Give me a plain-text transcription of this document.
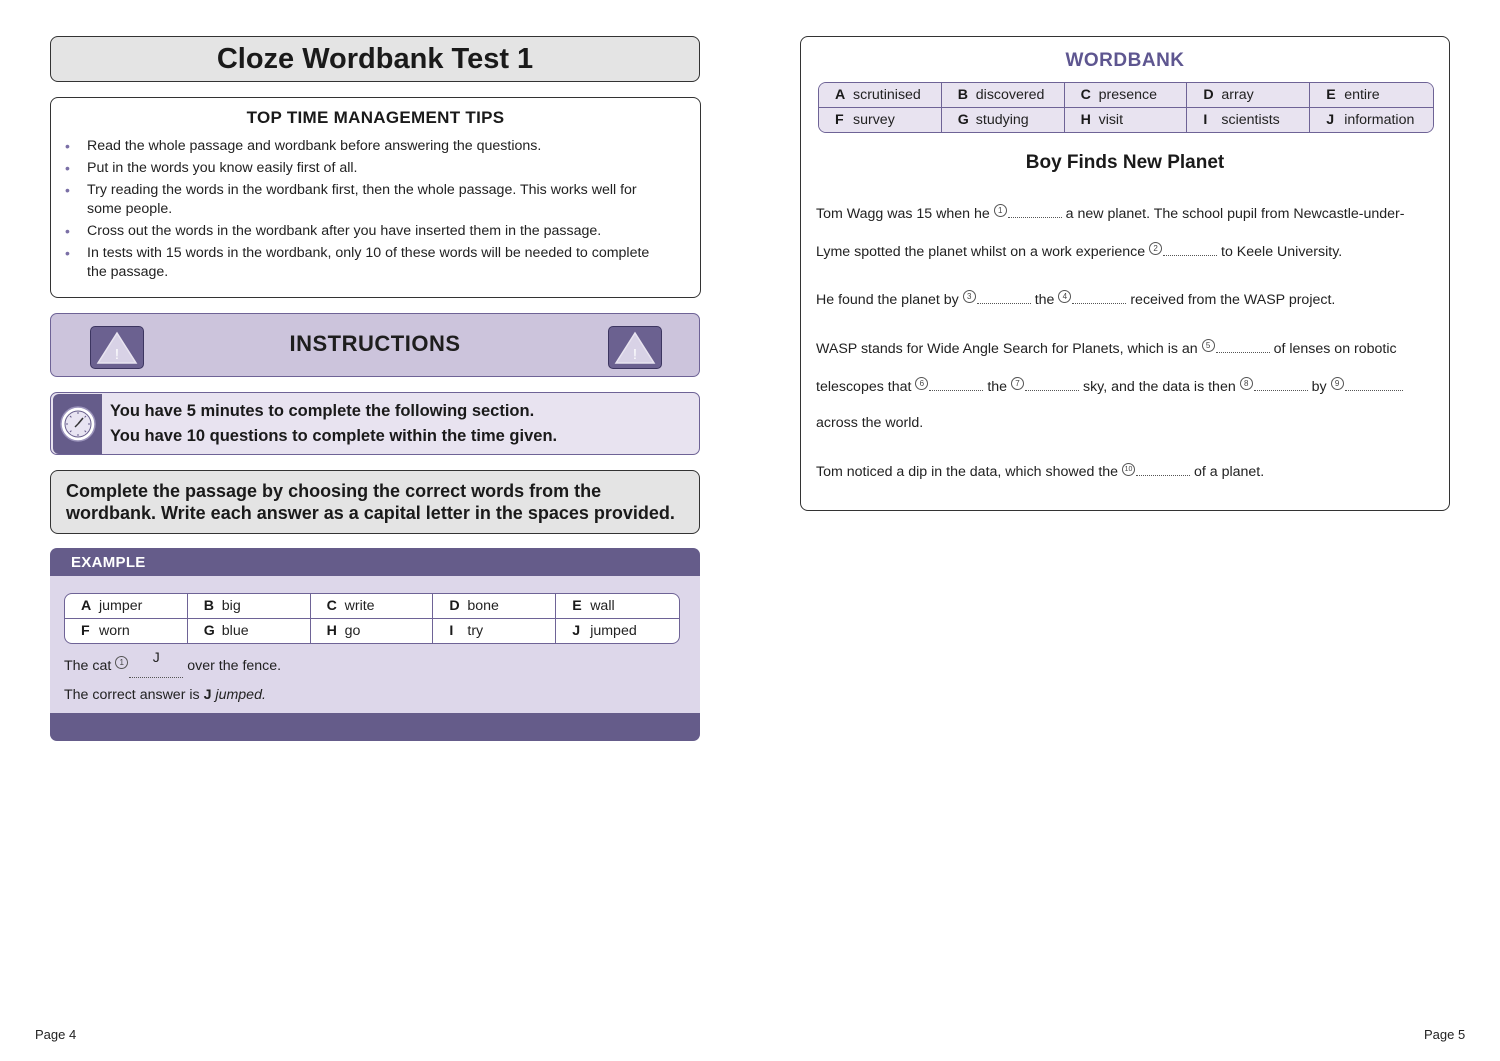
Cloze Wordbank Test 1
TOP TIME MANAGEMENT TIPS
• Read the whole passage and wordbank before answering the questions.
• Put in the words you know easily first of all.
• Try reading the words in the wordbank first, then the whole passage. This works well for some people.
• Cross out the words in the wordbank after you have inserted them in the passage.
• In tests with 15 words in the wordbank, only 10 of these words will be needed to complete the passage.
!	INSTRUCTIONS	!
You have 5 minutes to complete the following section.
You have 10 questions to complete within the time given.
Complete the passage by choosing the correct words from the
wordbank. Write each answer as a capital letter in the spaces provided.
EXAMPLE
A jumper	B big	C write	D bone	E wall
F worn	G blue	H go	I try	J jumped
The cat 1 J over the fence.
The correct answer is J jumped.
WORDBANK
A scrutinised	B discovered	C presence	D array	E entire
F survey	G studying	H visit	I scientists	J information
Boy Finds New Planet
Tom Wagg was 15 when he 1	a new planet. The school pupil from Newcastle-under-
Lyme spotted the planet whilst on a work experience 2	to Keele University.
He found the planet by 3	the 4	received from the WASP project.
WASP stands for Wide Angle Search for Planets, which is an 5	of lenses on robotic
telescopes that 6	the 7	sky, and the data is then 8	by 9
across the world.
Tom noticed a dip in the data, which showed the 10	of a planet.
Page 4	Page 5
